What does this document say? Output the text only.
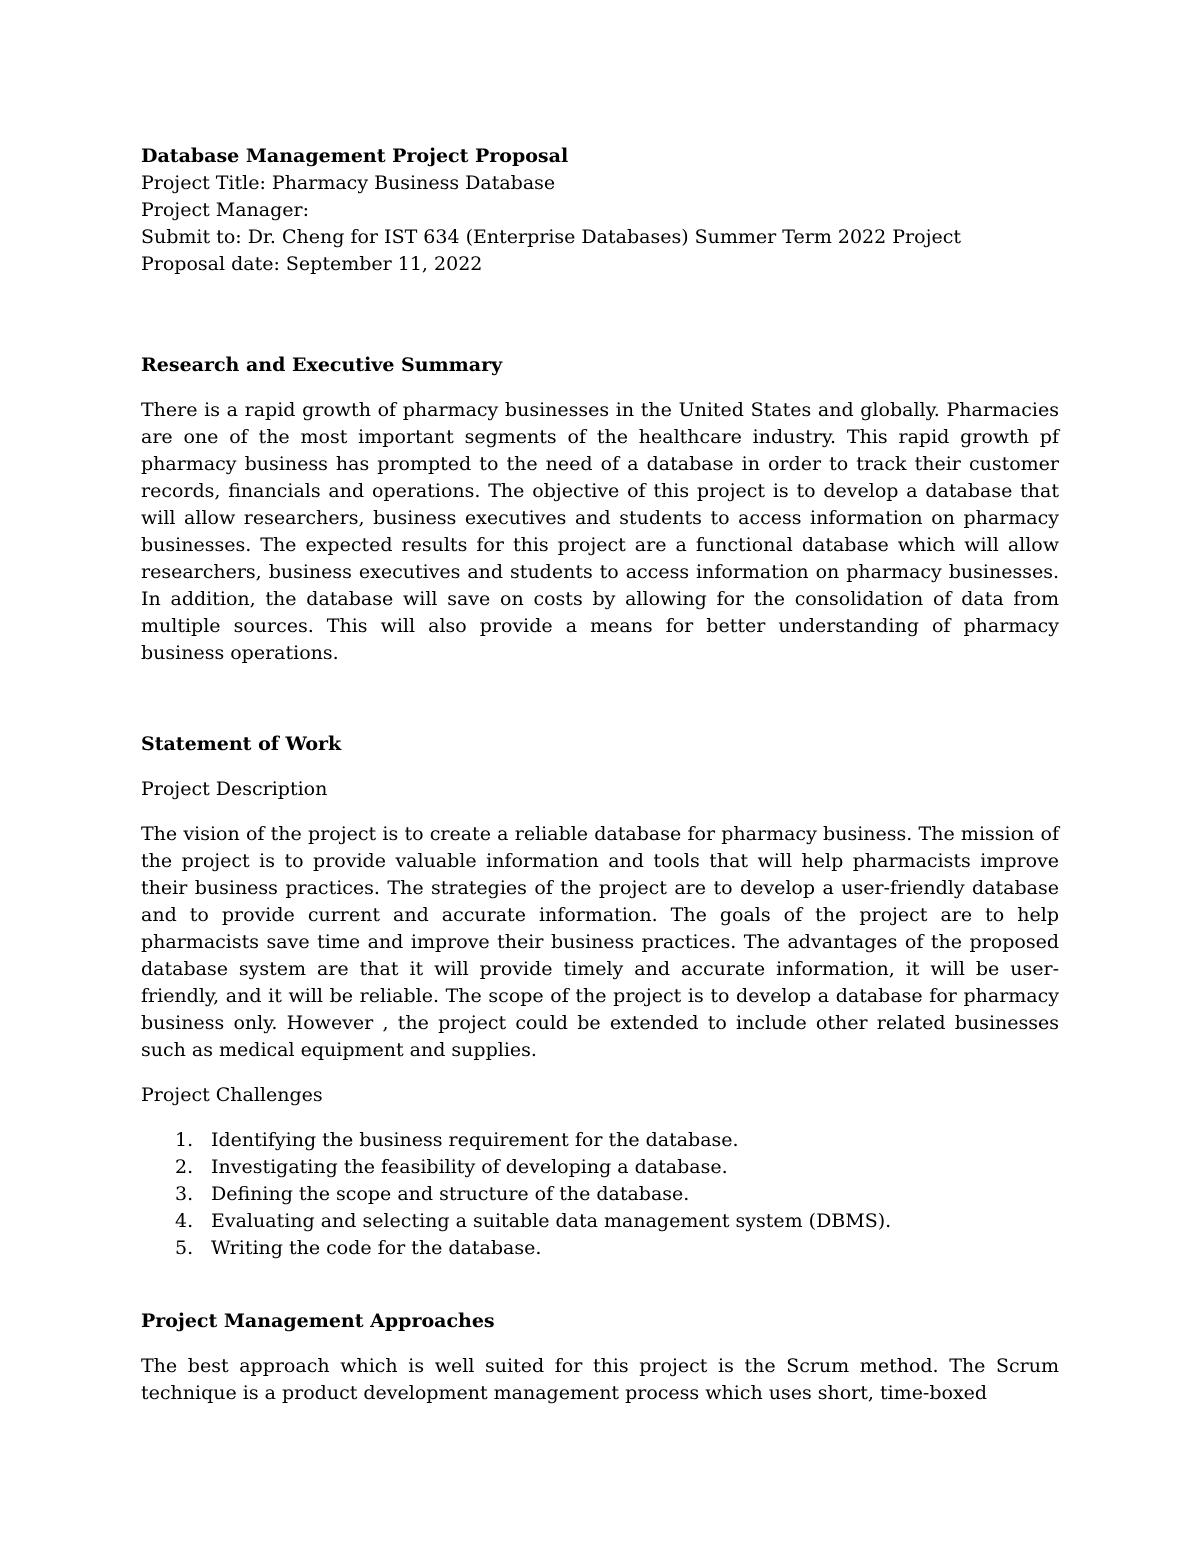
Database Management Project Proposal
Project Title: Pharmacy Business Database
Project Manager:
Submit to: Dr. Cheng for IST 634 (Enterprise Databases) Summer Term 2022 Project
Proposal date: September 11, 2022
Research and Executive Summary

There is a rapid growth of pharmacy businesses in the United States and globally. Pharmacies are one of the most important segments of the healthcare industry. This rapid growth pf pharmacy business has prompted to the need of a database in order to track their customer records, financials and operations. The objective of this project is to develop a database that will allow researchers, business executives and students to access information on pharmacy businesses. The expected results for this project are a functional database which will allow researchers, business executives and students to access information on pharmacy businesses. In addition, the database will save on costs by allowing for the consolidation of data from multiple sources. This will also provide a means for better understanding of pharmacy business operations.

Statement of Work
Project Description

The vision of the project is to create a reliable database for pharmacy business. The mission of the project is to provide valuable information and tools that will help pharmacists improve their business practices. The strategies of the project are to develop a user-friendly database and to provide current and accurate information. The goals of the project are to help pharmacists save time and improve their business practices. The advantages of the proposed database system are that it will provide timely and accurate information, it will be user-friendly, and it will be reliable. The scope of the project is to develop a database for pharmacy business only. However , the project could be extended to include other related businesses such as medical equipment and supplies.

Project Challenges
1. Identifying the business requirement for the database.
2. Investigating the feasibility of developing a database.
3. Defining the scope and structure of the database.
4. Evaluating and selecting a suitable data management system (DBMS).
5. Writing the code for the database.
Project Management Approaches

The best approach which is well suited for this project is the Scrum method. The Scrum technique is a product development management process which uses short, time-boxed
